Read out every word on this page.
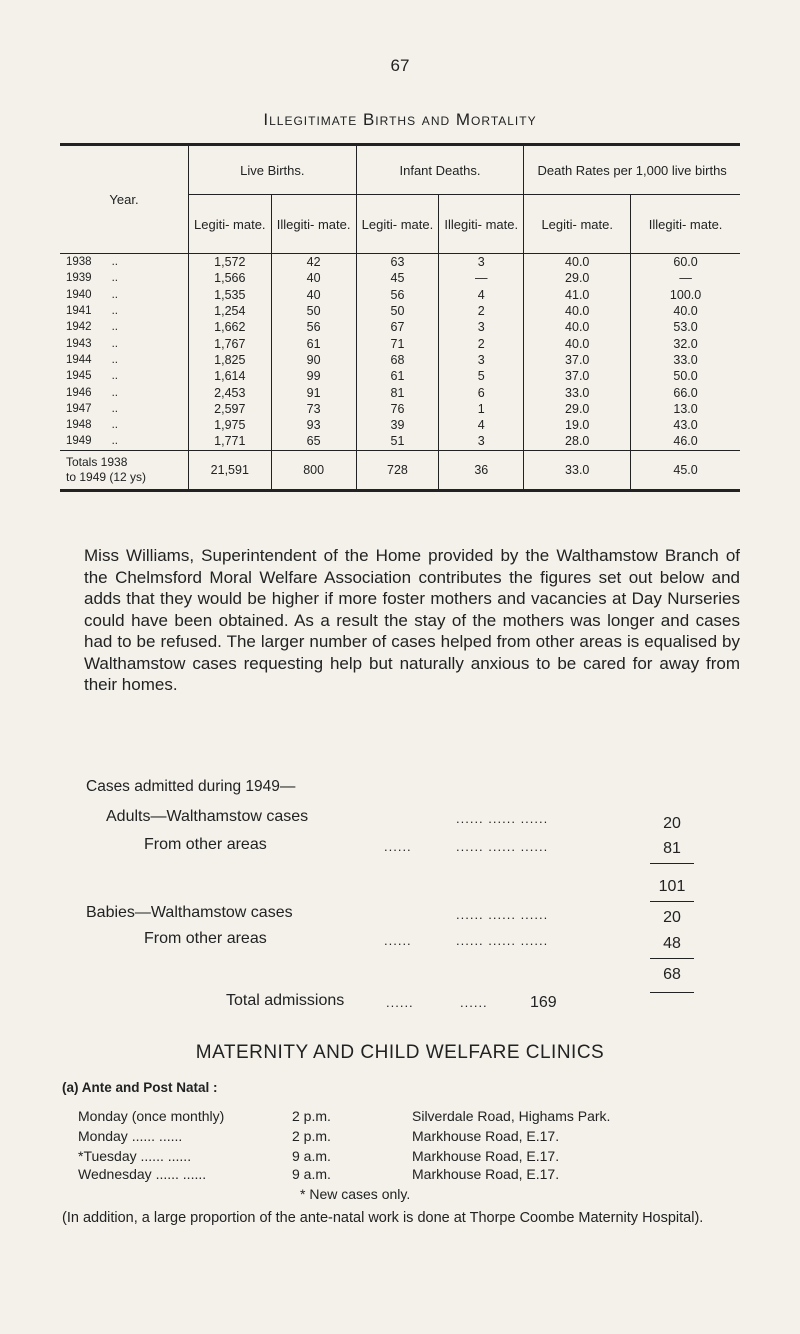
67
Illegitimate Births and Mortality
Year.	Live Births.		Infant Deaths.		Death Rates per 1,000 live births	
	Legiti- mate.	Illegiti- mate.	Legiti- mate.	Illegiti- mate.	Legiti- mate.	Illegiti- mate.
1938 ..	1,572	42	63	3	40.0	60.0
1939 ..	1,566	40	45	—	29.0	—
1940 ..	1,535	40	56	4	41.0	100.0
1941 ..	1,254	50	50	2	40.0	40.0
1942 ..	1,662	56	67	3	40.0	53.0
1943 ..	1,767	61	71	2	40.0	32.0
1944 ..	1,825	90	68	3	37.0	33.0
1945 ..	1,614	99	61	5	37.0	50.0
1946 ..	2,453	91	81	6	33.0	66.0
1947 ..	2,597	73	76	1	29.0	13.0
1948 ..	1,975	93	39	4	19.0	43.0
1949 ..	1,771	65	51	3	28.0	46.0
Totals 1938
to 1949 (12 ys)	21,591	800	728	36	33.0	45.0
Miss Williams, Superintendent of the Home provided by the Walthamstow Branch of the Chelmsford Moral Welfare Association contributes the figures set out below and adds that they would be higher if more foster mothers and vacancies at Day Nurseries could have been obtained. As a result the stay of the mothers was longer and cases had to be refused. The larger number of cases helped from other areas is equalised by Walthamstow cases requesting help but naturally anxious to be cared for away from their homes.
Cases admitted during 1949—
Adults—Walthamstow cases	...... ...... ......	20
From other areas	......	...... ...... ......	81
101
Babies—Walthamstow cases	...... ...... ......	20
From other areas	......	...... ...... ......	48
68
Total admissions	......	......	169
MATERNITY AND CHILD WELFARE CLINICS
(a) Ante and Post Natal :
Monday (once monthly)	2 p.m.	Silverdale Road, Highams Park.
Monday ...... ......	2 p.m.	Markhouse Road, E.17.
*Tuesday ...... ......	9 a.m.	Markhouse Road, E.17.
Wednesday ...... ......	9 a.m.	Markhouse Road, E.17.
* New cases only.
(In addition, a large proportion of the ante-natal work is done at Thorpe Coombe Maternity Hospital).
